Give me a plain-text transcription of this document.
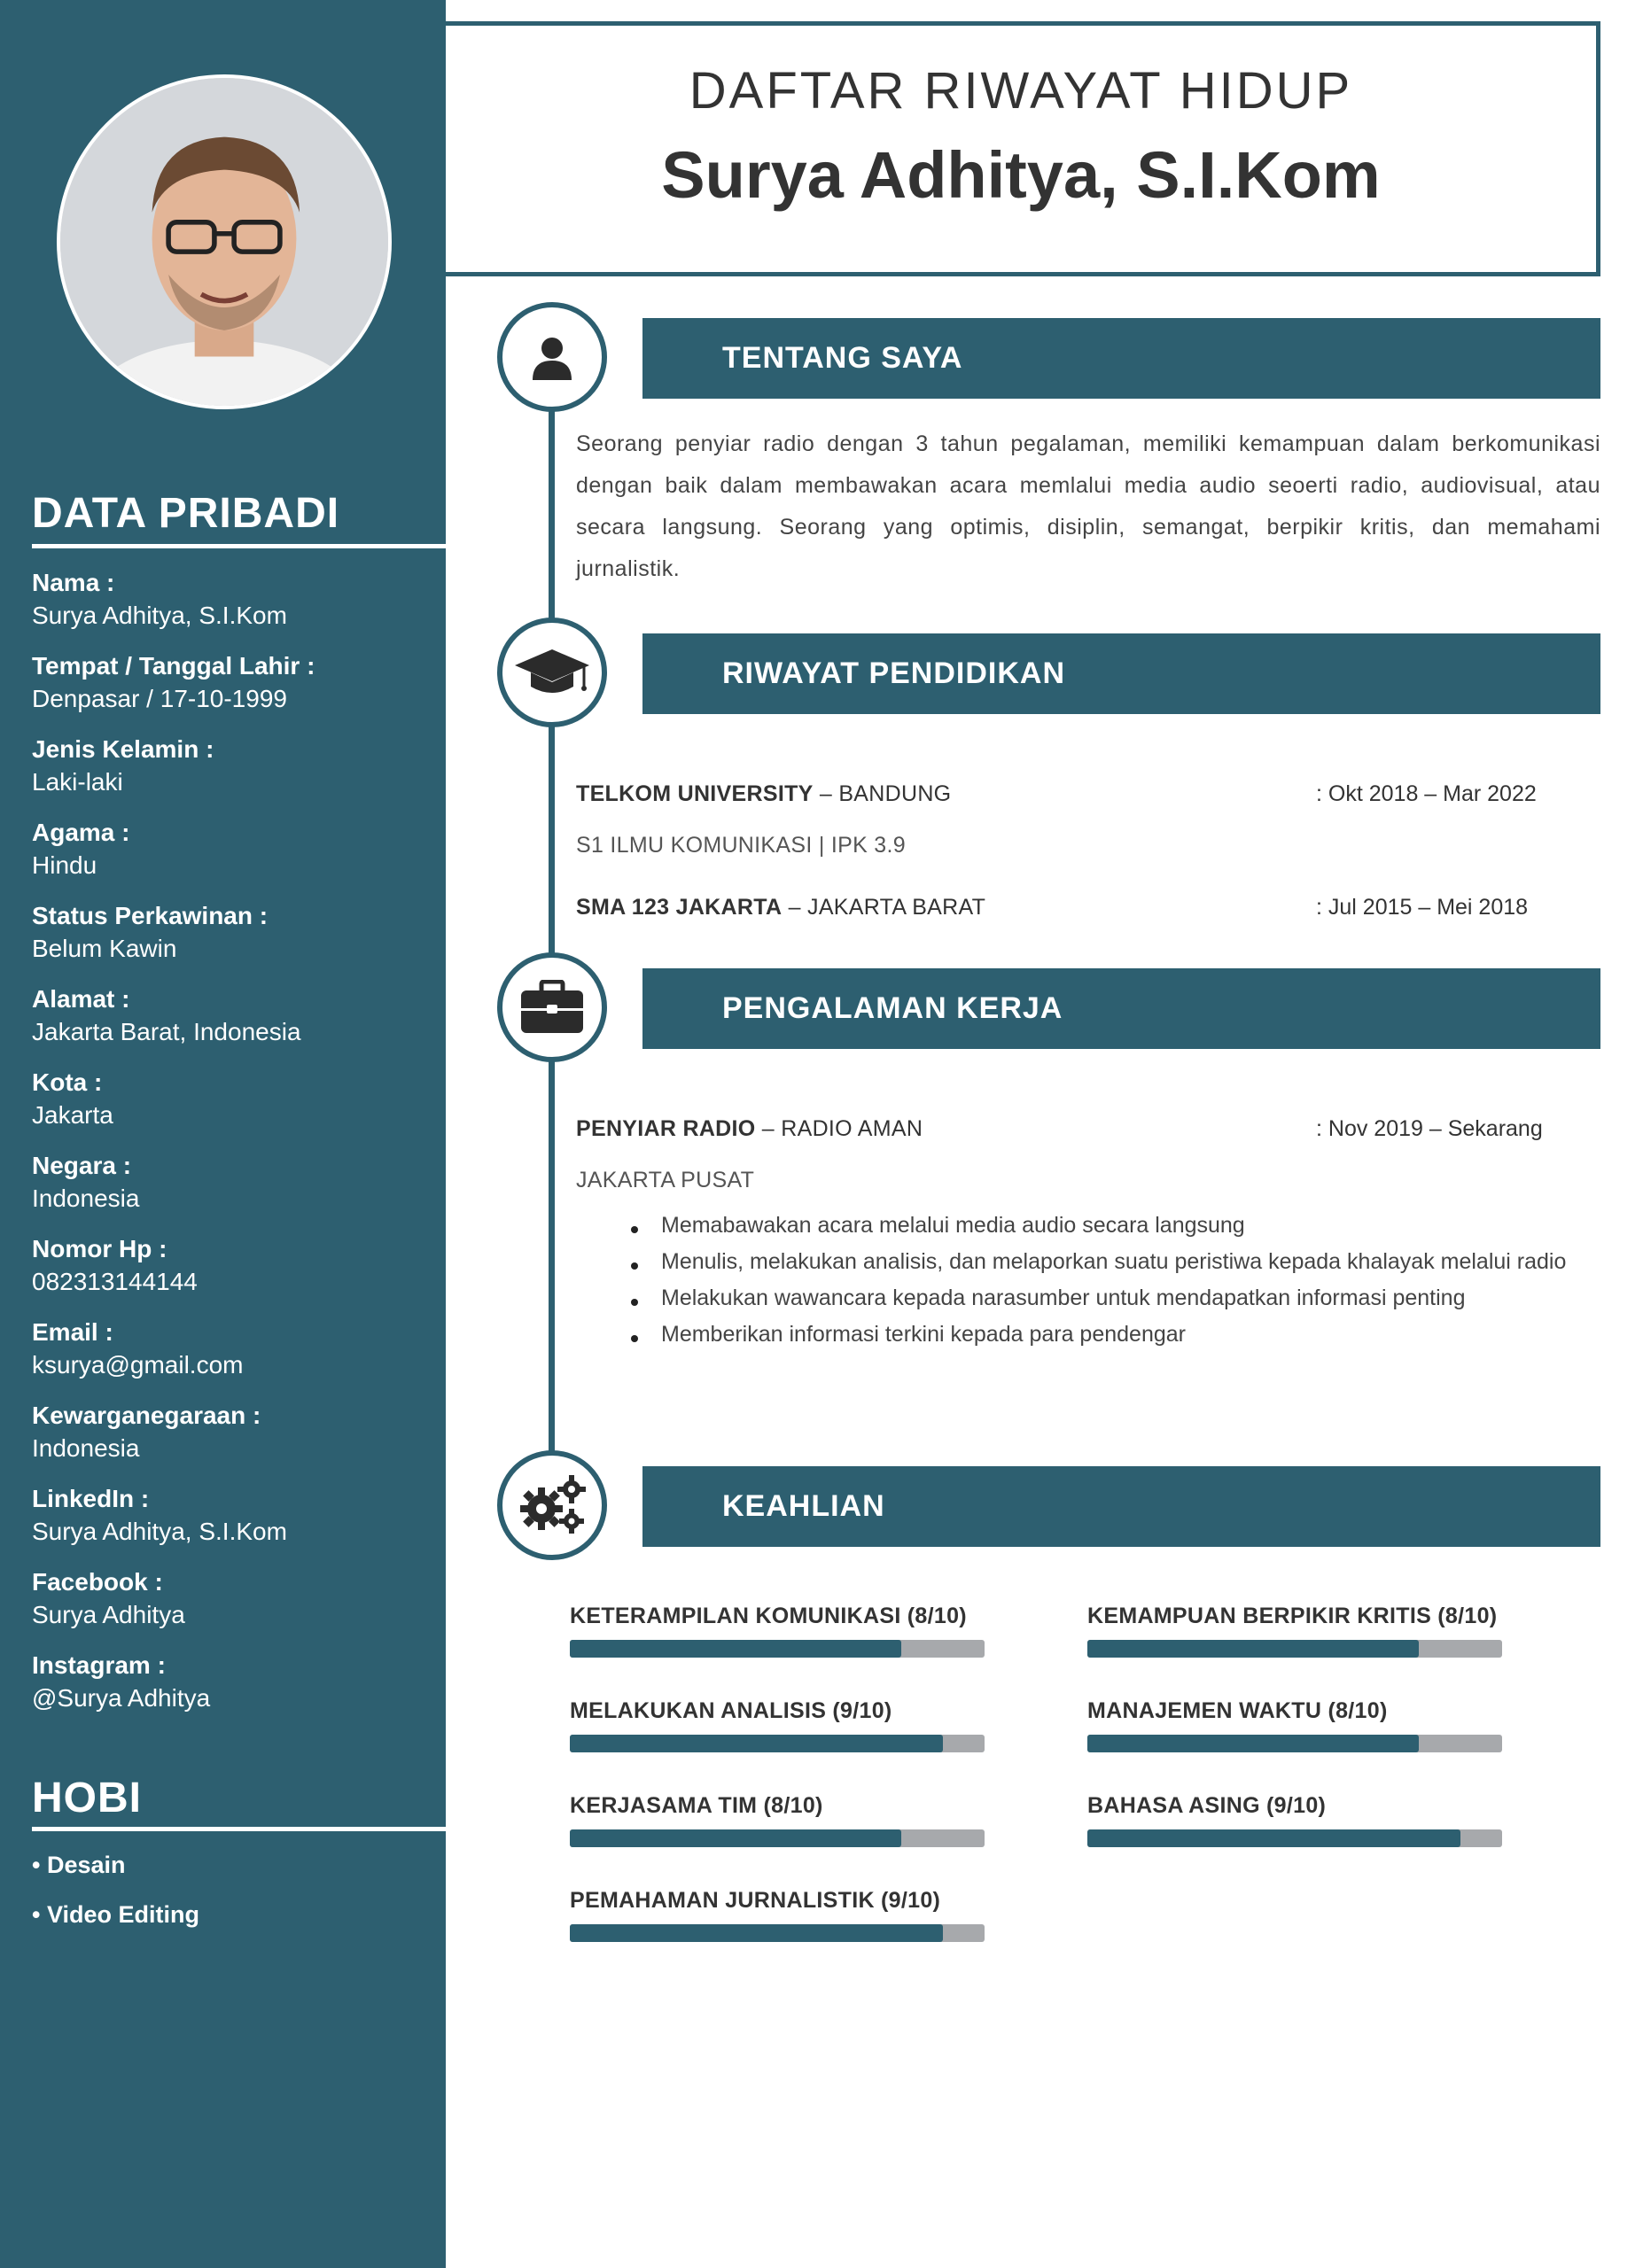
DATA PRIBADI
Nama :
Surya Adhitya, S.I.Kom
Tempat / Tanggal Lahir :
Denpasar / 17-10-1999
Jenis Kelamin :
Laki-laki
Agama :
Hindu
Status Perkawinan :
Belum Kawin
Alamat :
Jakarta Barat, Indonesia
Kota :
Jakarta
Negara :
Indonesia
Nomor Hp :
082313144144
Email :
ksurya@gmail.com
Kewarganegaraan :
Indonesia
LinkedIn :
Surya Adhitya, S.I.Kom
Facebook :
Surya Adhitya
Instagram :
@Surya Adhitya
HOBI
• Desain
• Video Editing
DAFTAR RIWAYAT HIDUP
Surya Adhitya, S.I.Kom
TENTANG SAYA
Seorang penyiar radio dengan 3 tahun pegalaman, memiliki kemampuan dalam berkomunikasi dengan baik dalam membawakan acara memlalui media audio seoerti radio, audiovisual, atau secara langsung. Seorang yang optimis, disiplin, semangat, berpikir kritis, dan memahami jurnalistik.
RIWAYAT PENDIDIKAN
TELKOM UNIVERSITY – BANDUNG	: Okt 2018 – Mar 2022
S1 ILMU KOMUNIKASI | IPK 3.9
SMA 123 JAKARTA – JAKARTA BARAT	: Jul 2015 – Mei 2018
PENGALAMAN KERJA
PENYIAR RADIO – RADIO AMAN	: Nov 2019 – Sekarang
JAKARTA PUSAT
Memabawakan acara melalui media audio secara langsung
Menulis, melakukan analisis, dan melaporkan suatu peristiwa kepada khalayak melalui radio
Melakukan wawancara kepada narasumber untuk mendapatkan informasi penting
Memberikan informasi terkini kepada para pendengar
KEAHLIAN
KETERAMPILAN KOMUNIKASI (8/10)	KEMAMPUAN BERPIKIR KRITIS (8/10)
MELAKUKAN ANALISIS (9/10)	MANAJEMEN WAKTU (8/10)
KERJASAMA TIM (8/10)	BAHASA ASING (9/10)
PEMAHAMAN JURNALISTIK (9/10)
